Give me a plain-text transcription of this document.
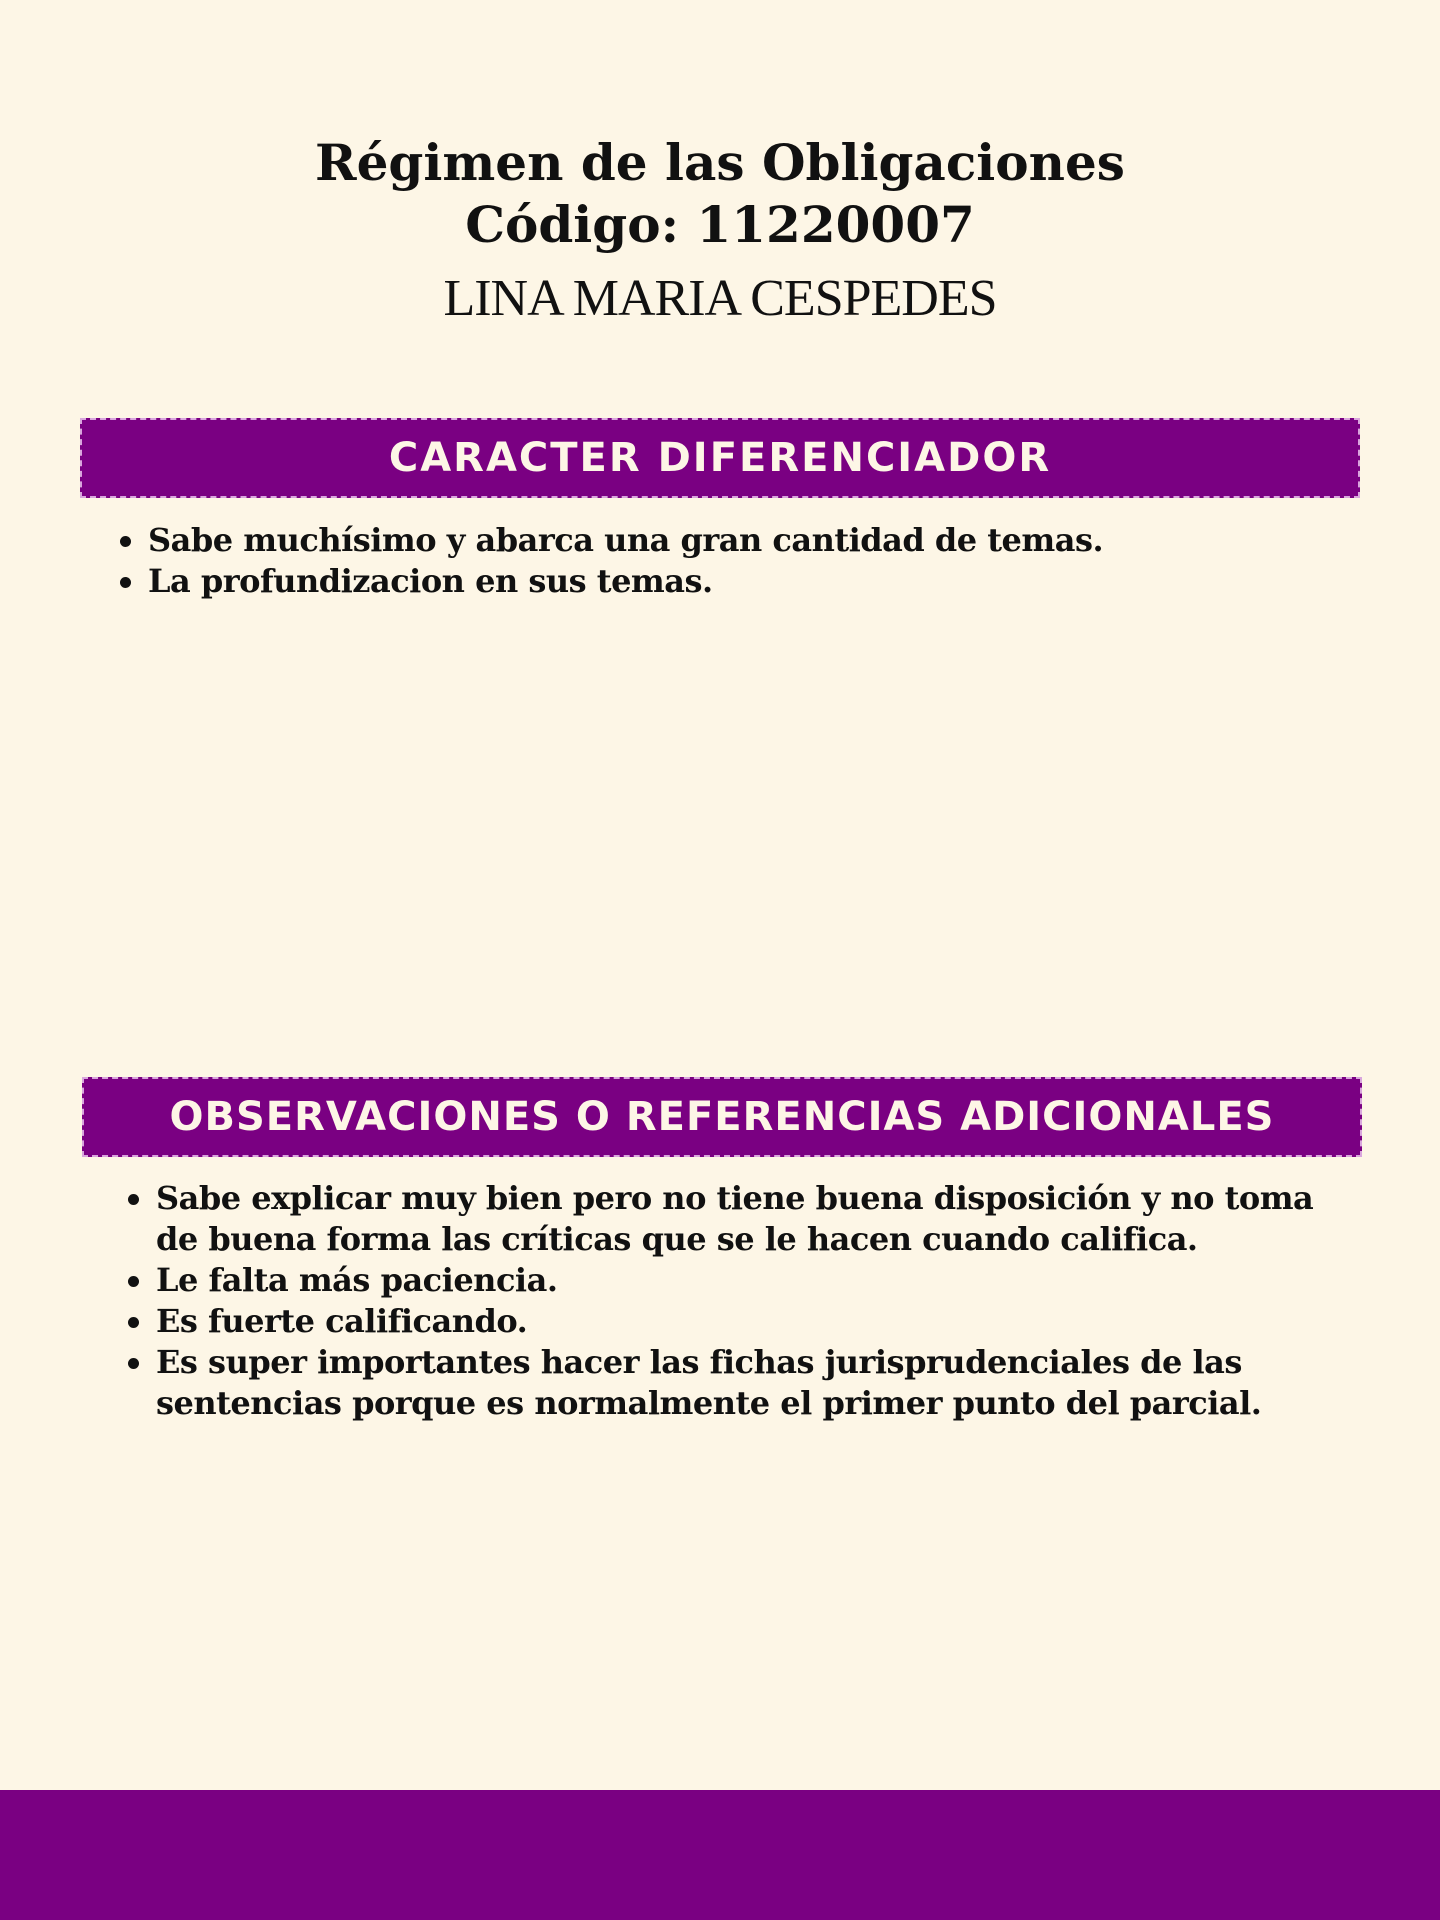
Régimen de las Obligaciones
Código: 11220007
LINA MARIA CESPEDES
CARACTER DIFERENCIADOR
Sabe muchísimo y abarca una gran cantidad de temas.
La profundizacion en sus temas.
OBSERVACIONES O REFERENCIAS ADICIONALES
Sabe explicar muy bien pero no tiene buena disposición y no toma de buena forma las críticas que se le hacen cuando califica.
Le falta más paciencia.
Es fuerte calificando.
Es super importantes hacer las fichas jurisprudenciales de las sentencias porque es normalmente el primer punto del parcial.
